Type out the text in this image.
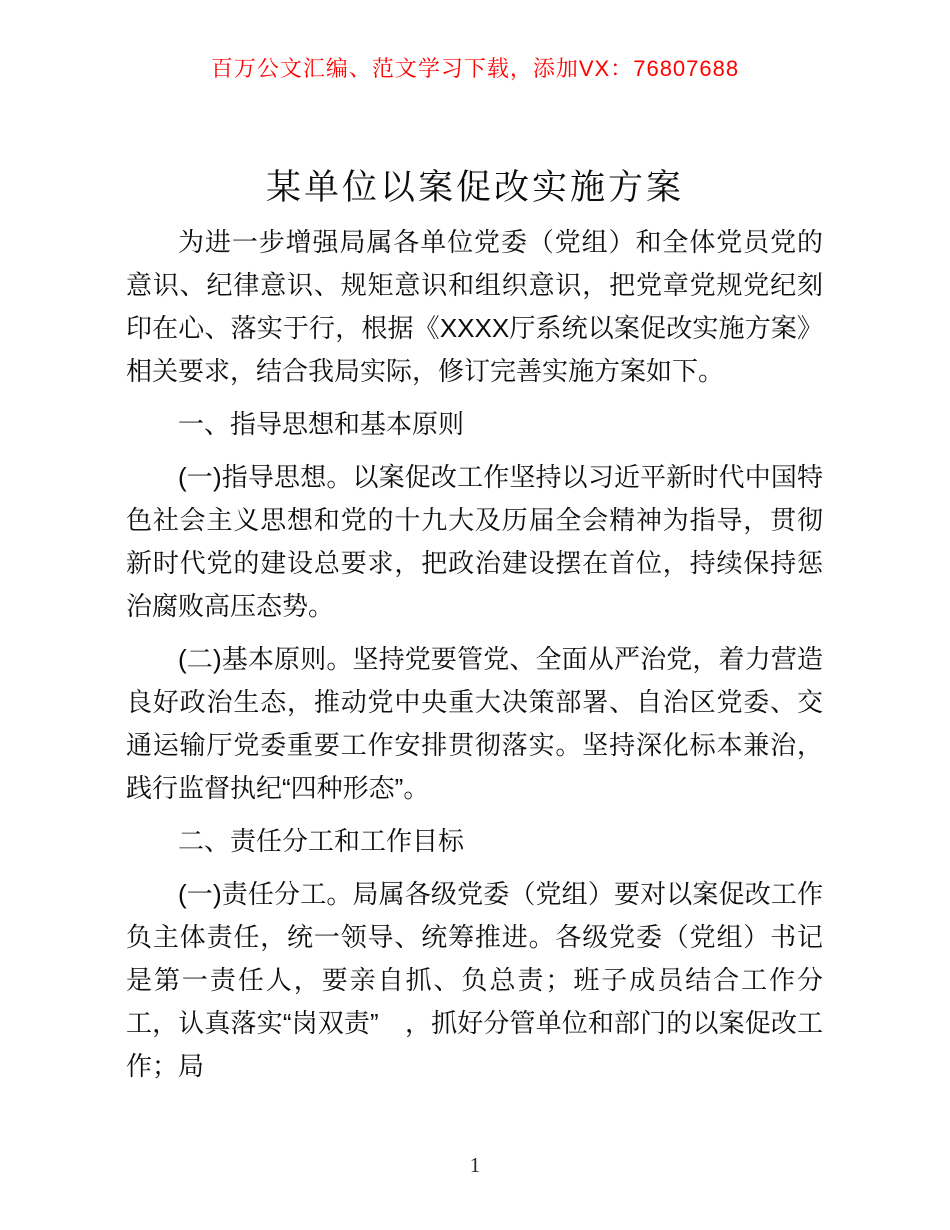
百万公文汇编、范文学习下载，添加VX：76807688
某单位以案促改实施方案
为进一步增强局属各单位党委（党组）和全体党员党的意识、纪律意识、规矩意识和组织意识，把党章党规党纪刻印在心、落实于行，根据《XXXX厅系统以案促改实施方案》相关要求，结合我局实际，修订完善实施方案如下。
一、指导思想和基本原则
(一)指导思想。以案促改工作坚持以习近平新时代中国特色社会主义思想和党的十九大及历届全会精神为指导，贯彻新时代党的建设总要求，把政治建设摆在首位，持续保持惩治腐败高压态势。
(二)基本原则。坚持党要管党、全面从严治党，着力营造良好政治生态，推动党中央重大决策部署、自治区党委、交通运输厅党委重要工作安排贯彻落实。坚持深化标本兼治，践行监督执纪“四种形态”。
二、责任分工和工作目标
(一)责任分工。局属各级党委（党组）要对以案促改工作负主体责任，统一领导、统筹推进。各级党委（党组）书记是第一责任人，要亲自抓、负总责；班子成员结合工作分工，认真落实“岗双责”　，抓好分管单位和部门的以案促改工作；局
1
